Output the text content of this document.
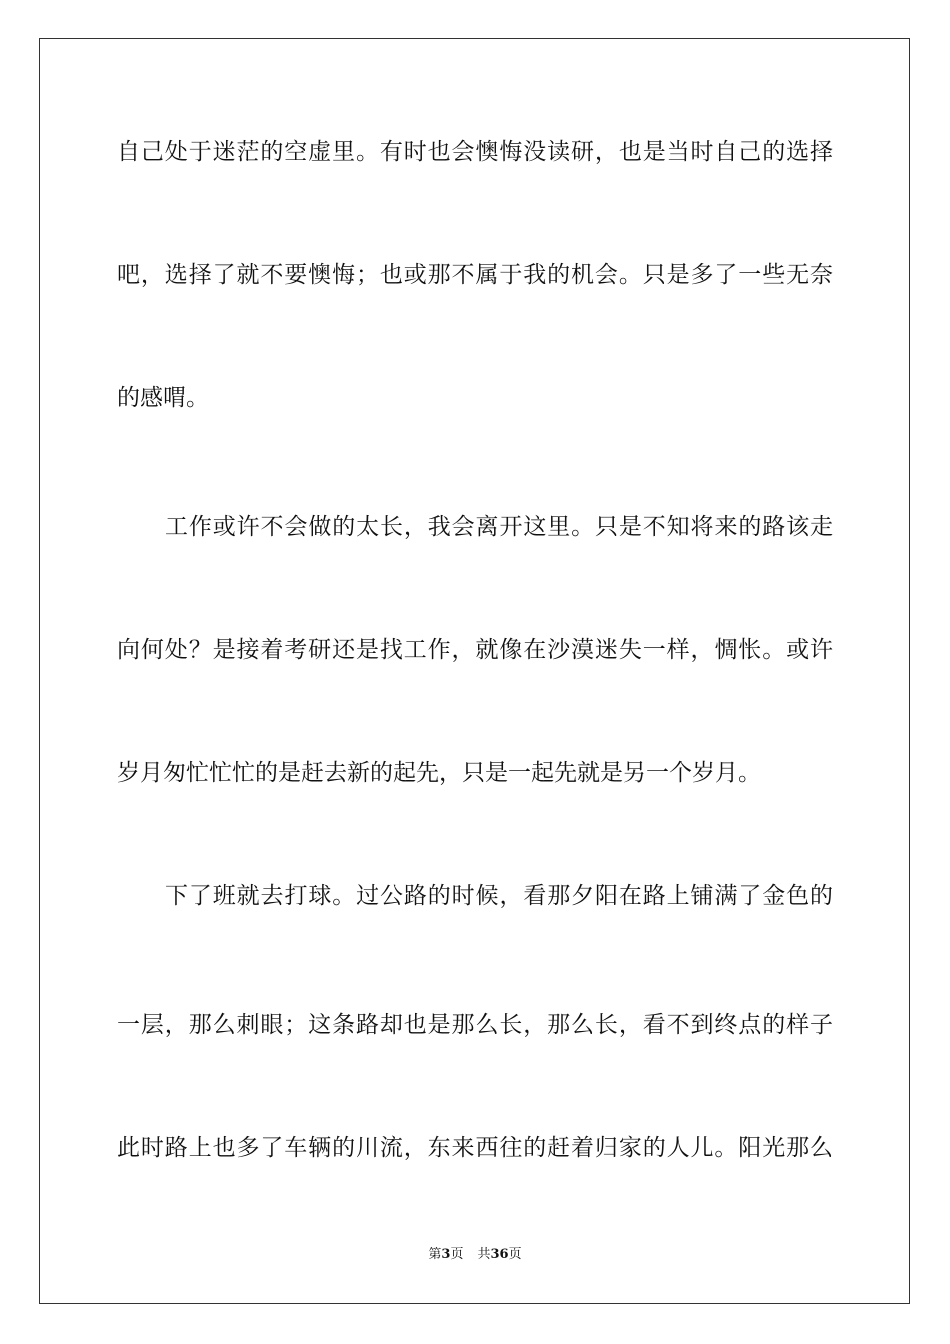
自己处于迷茫的空虚里。有时也会懊悔没读研，也是当时自己的选择
吧，选择了就不要懊悔；也或那不属于我的机会。只是多了一些无奈
的感喟。
工作或许不会做的太长，我会离开这里。只是不知将来的路该走
向何处？是接着考研还是找工作，就像在沙漠迷失一样，惆怅。或许
岁月匆忙忙忙的是赶去新的起先，只是一起先就是另一个岁月。
下了班就去打球。过公路的时候，看那夕阳在路上铺满了金色的
一层，那么刺眼；这条路却也是那么长，那么长，看不到终点的样子
此时路上也多了车辆的川流，东来西往的赶着归家的人儿。阳光那么
第3页 共36页
